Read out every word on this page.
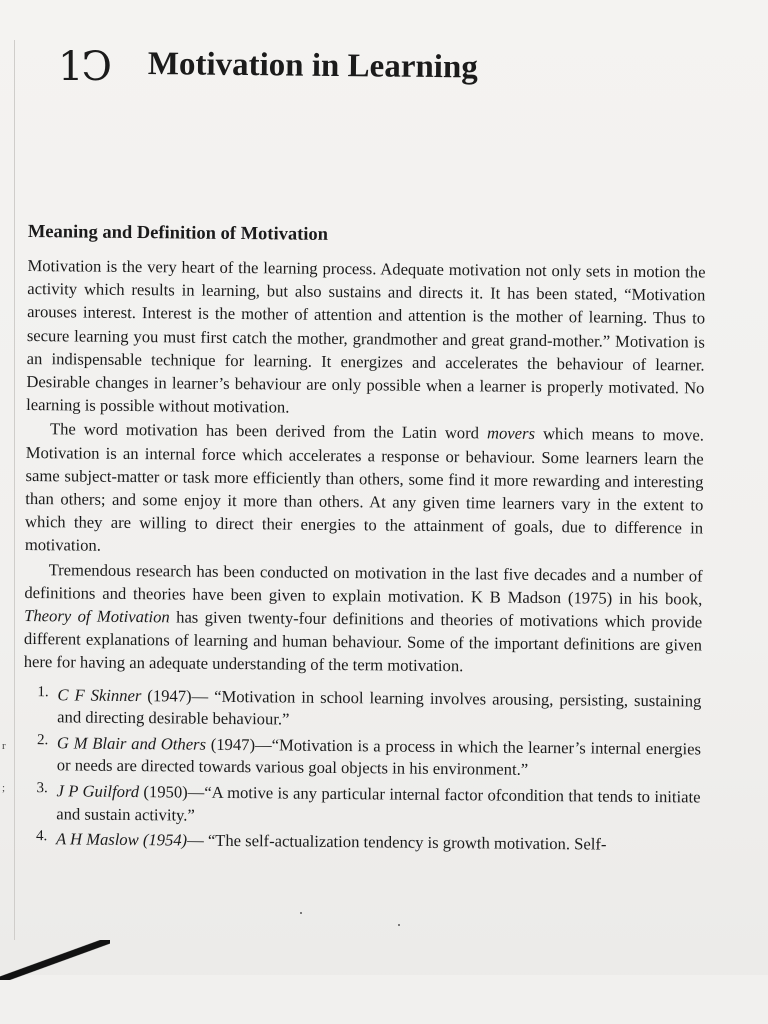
1Ͻ Motivation in Learning
r
;
Meaning and Definition of Motivation

Motivation is the very heart of the learning process. Adequate motivation not only sets in motion the activity which results in learning, but also sustains and directs it. It has been stated, “Motivation arouses interest. Interest is the mother of attention and attention is the mother of learning. Thus to secure learning you must first catch the mother, grandmother and great grand-mother.” Motivation is an indispensable technique for learning. It energizes and accelerates the behaviour of learner. Desirable changes in learner’s behaviour are only possible when a learner is properly motivated. No learning is possible without motivation.

The word motivation has been derived from the Latin word movers which means to move. Motivation is an internal force which accelerates a response or behaviour. Some learners learn the same subject-matter or task more efficiently than others, some find it more rewarding and interesting than others; and some enjoy it more than others. At any given time learners vary in the extent to which they are willing to direct their energies to the attainment of goals, due to difference in motivation.

Tremendous research has been conducted on motivation in the last five decades and a number of definitions and theories have been given to explain motivation. K B Madson (1975) in his book, Theory of Motivation has given twenty-four definitions and theories of motivations which provide different explanations of learning and human behaviour. Some of the important definitions are given here for having an adequate understanding of the term motivation.

1. C F Skinner (1947)— “Motivation in school learning involves arousing, persisting, sustaining and directing desirable behaviour.”
2. G M Blair and Others (1947)—“Motivation is a process in which the learner’s internal energies or needs are directed towards various goal objects in his environment.”
3. J P Guilford (1950)—“A motive is any particular internal factor ofcondition that tends to initiate and sustain activity.”
4. A H Maslow (1954)— “The self-actualization tendency is growth motivation. Self-
